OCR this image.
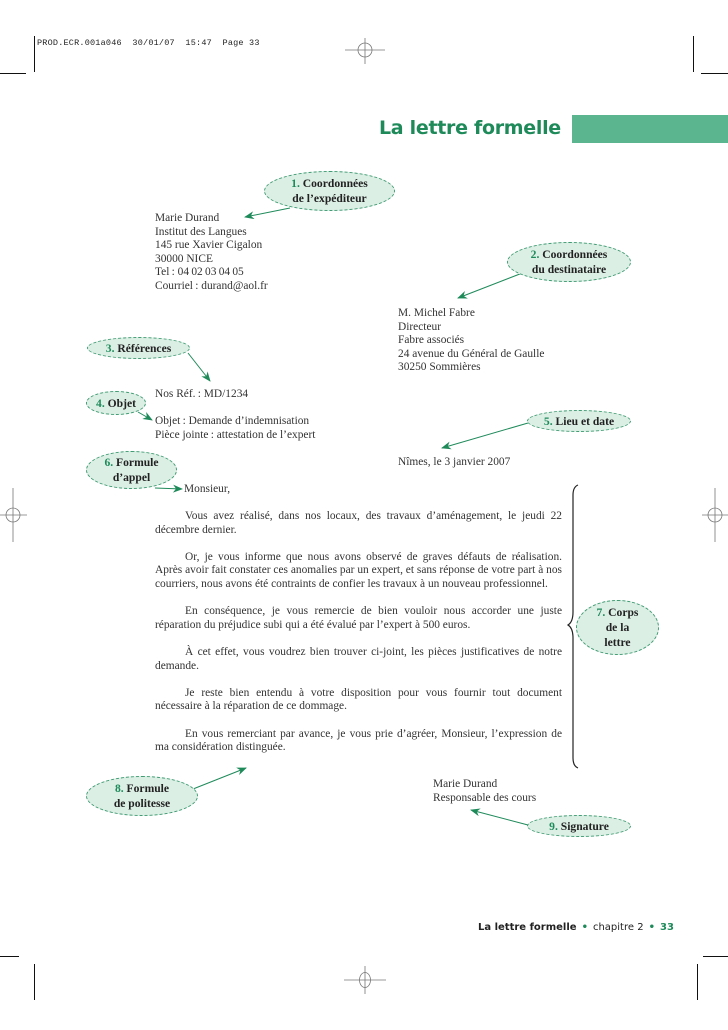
PROD.ECR.001a046  30/01/07  15:47  Page 33
La lettre formelle
Marie Durand
Institut des Langues
145 rue Xavier Cigalon
30000 NICE
Tel : 04 02 03 04 05
Courriel : durand@aol.fr
M. Michel Fabre
Directeur
Fabre associés
24 avenue du Général de Gaulle
30250 Sommières
Nos Réf. : MD/1234
Objet : Demande d’indemnisation
Pièce jointe : attestation de l’expert
Nîmes, le 3 janvier 2007
Monsieur,

Vous avez réalisé, dans nos locaux, des travaux d’aménagement, le jeudi 22 décembre dernier.

Or, je vous informe que nous avons observé de graves défauts de réalisation. Après avoir fait constater ces anomalies par un expert, et sans réponse de votre part à nos courriers, nous avons été contraints de confier les travaux à un nouveau professionnel.

En conséquence, je vous remercie de bien vouloir nous accorder une juste réparation du préjudice subi qui a été évalué par l’expert à 500 euros.

À cet effet, vous voudrez bien trouver ci-joint, les pièces justificatives de notre demande.

Je reste bien entendu à votre disposition pour vous fournir tout document nécessaire à la réparation de ce dommage.

En vous remerciant par avance, je vous prie d’agréer, Monsieur, l’expression de ma considération distinguée.

Marie Durand
Responsable des cours
1. Coordonnées
de l’expéditeur
2. Coordonnées
du destinataire
3. Références
4. Objet
5. Lieu et date
6. Formule
d’appel
7. Corps
de la
lettre
8. Formule
de politesse
9. Signature
La lettre formelle • chapitre 2 • 33
